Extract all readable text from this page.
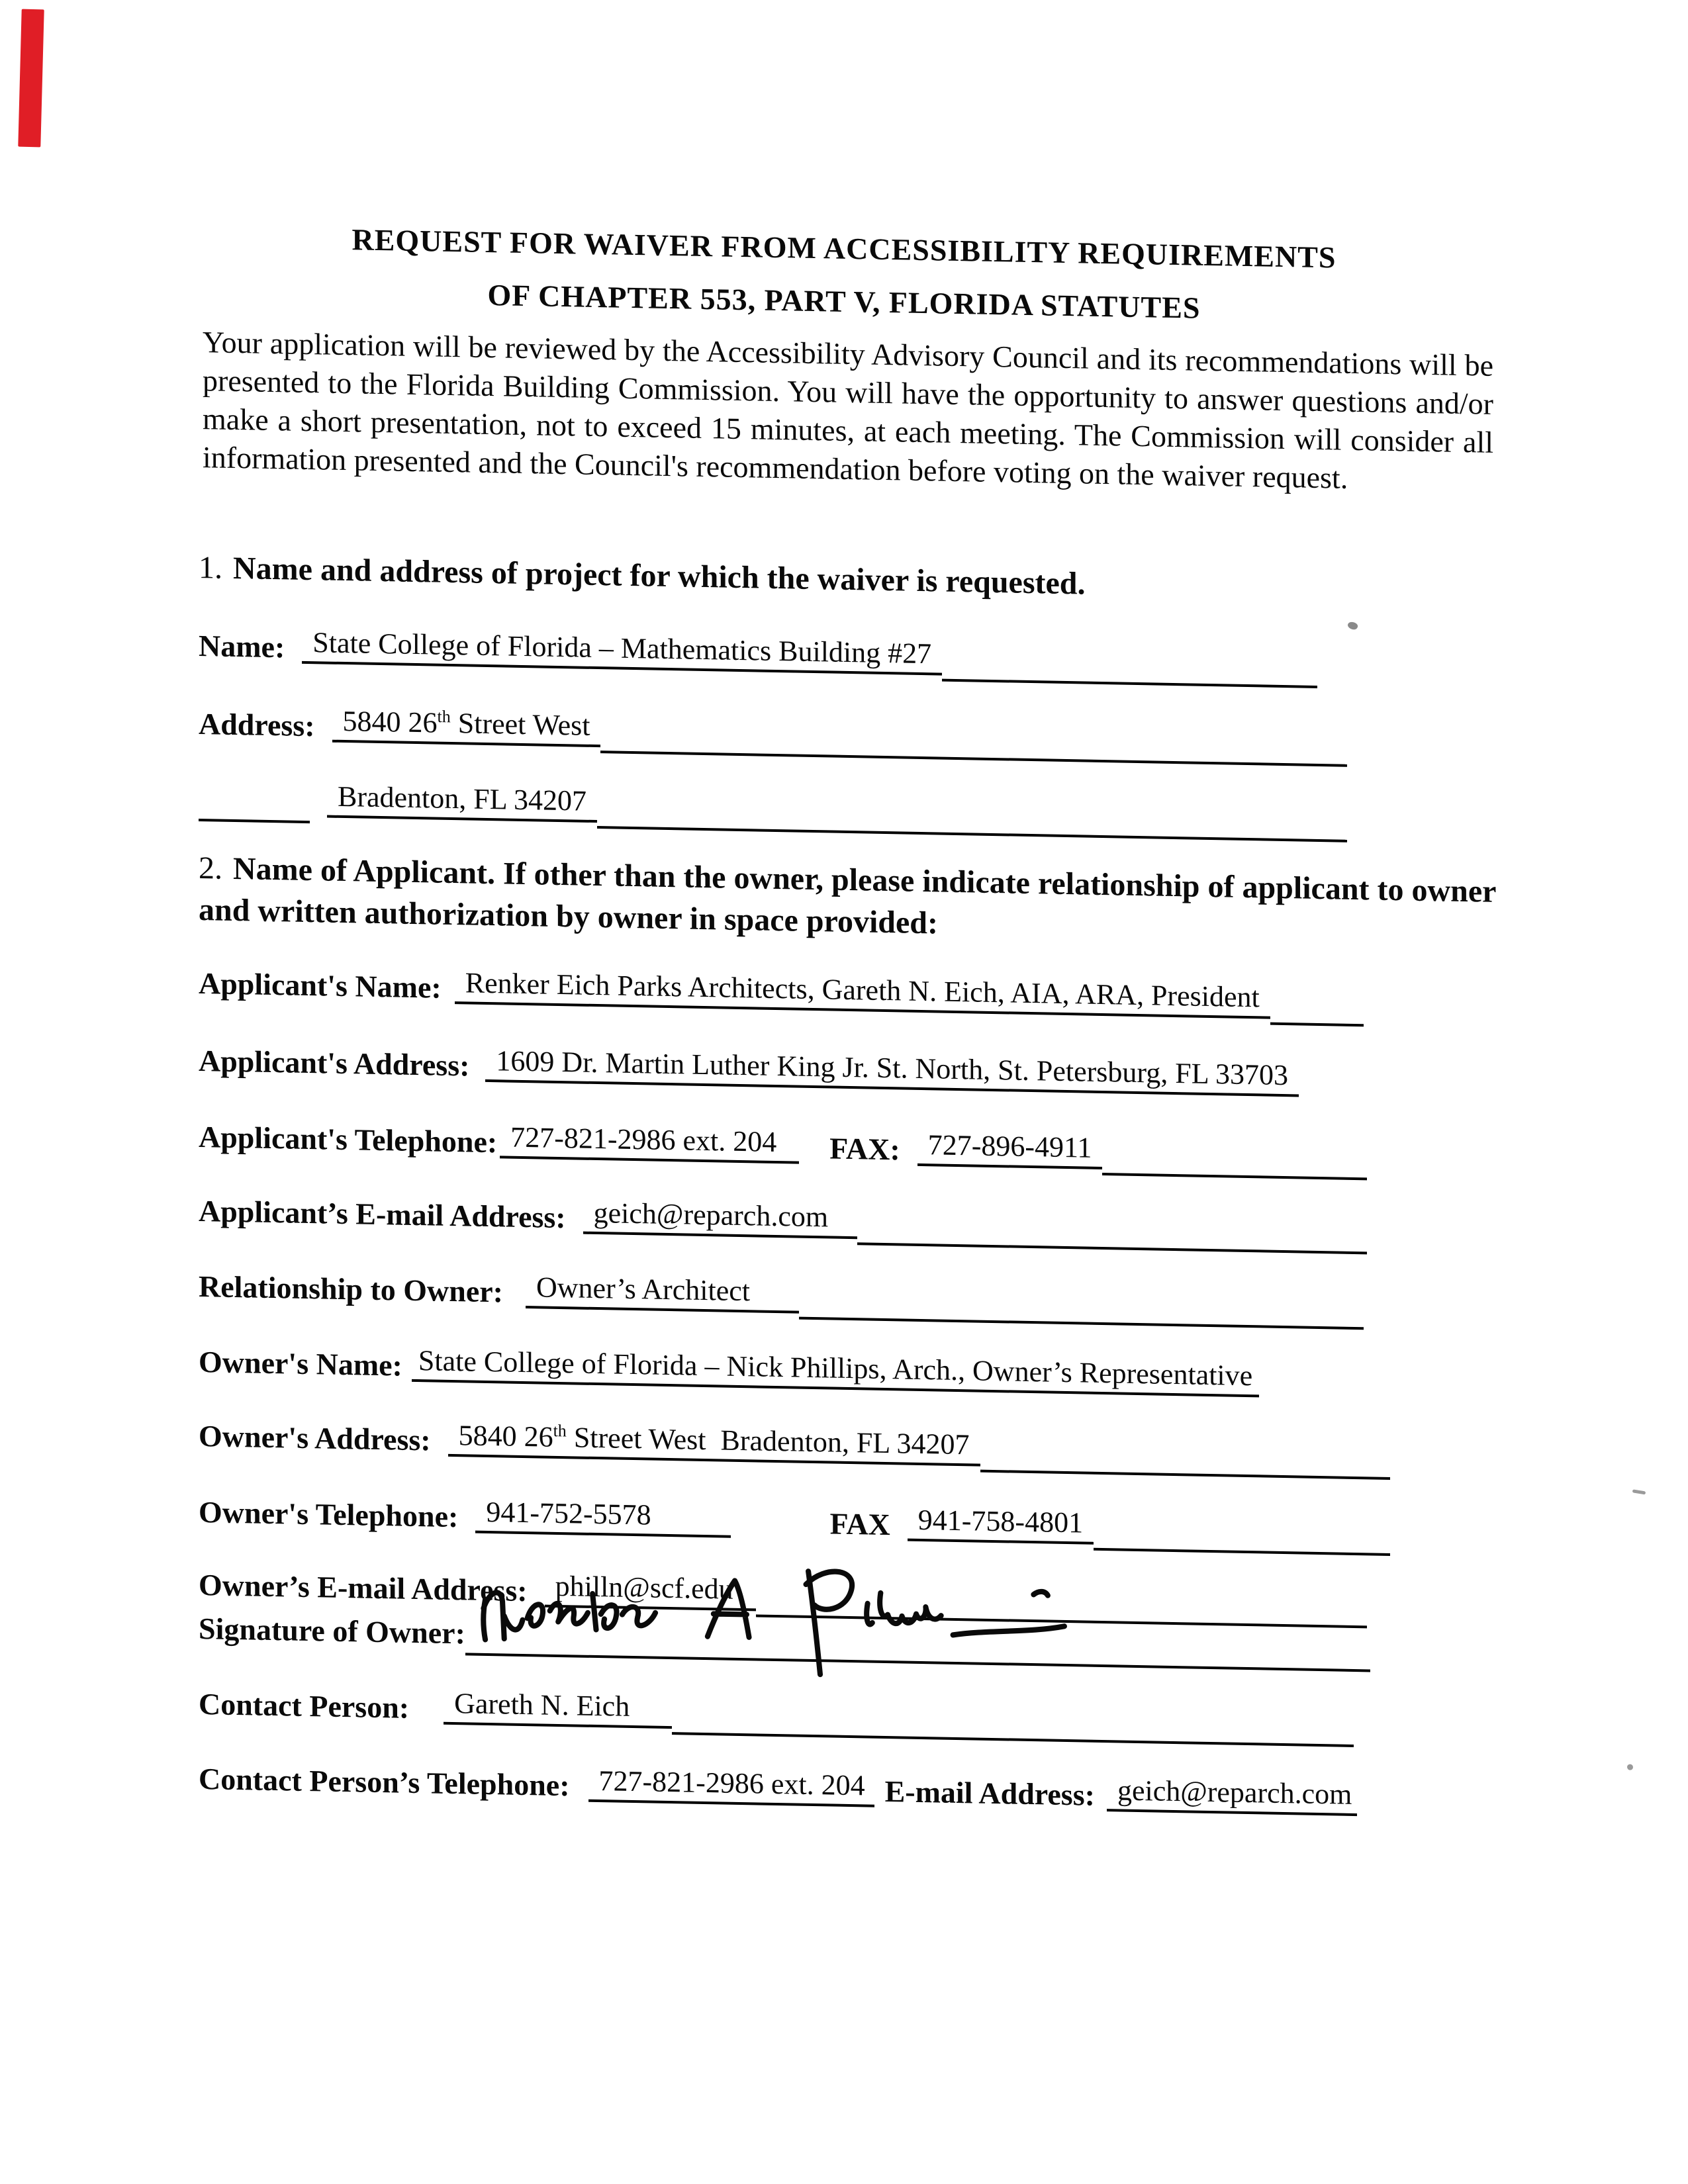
REQUEST FOR WAIVER FROM ACCESSIBILITY REQUIREMENTS
OF CHAPTER 553, PART V, FLORIDA STATUTES

Your application will be reviewed by the Accessibility Advisory Council and its recommendations will be presented to the Florida Building Commission. You will have the opportunity to answer questions and/or make a short presentation, not to exceed 15 minutes, at each meeting. The Commission will consider all information presented and the Council's recommendation before voting on the waiver request.

1. Name and address of project for which the waiver is requested.
Name: State College of Florida – Mathematics Building #27
Address: 5840 26th Street West
Bradenton, FL 34207
2. Name of Applicant. If other than the owner, please indicate relationship of applicant to owner and written authorization by owner in space provided:
Applicant's Name: Renker Eich Parks Architects, Gareth N. Eich, AIA, ARA, President
Applicant's Address: 1609 Dr. Martin Luther King Jr. St. North, St. Petersburg, FL 33703
Applicant's Telephone: 727-821-2986 ext. 204	FAX: 727-896-4911
Applicant’s E-mail Address: geich@reparch.com
Relationship to Owner:	Owner’s Architect
Owner's Name: State College of Florida – Nick Phillips, Arch., Owner’s Representative
Owner's Address: 5840 26th Street West  Bradenton, FL 34207
Owner's Telephone: 941-752-5578	FAX 941-758-4801
Owner’s E-mail Address: philln@scf.edu
Signature of Owner:
Contact Person:	Gareth N. Eich
Contact Person’s Telephone:	727-821-2986 ext. 204 E-mail Address: geich@reparch.com
